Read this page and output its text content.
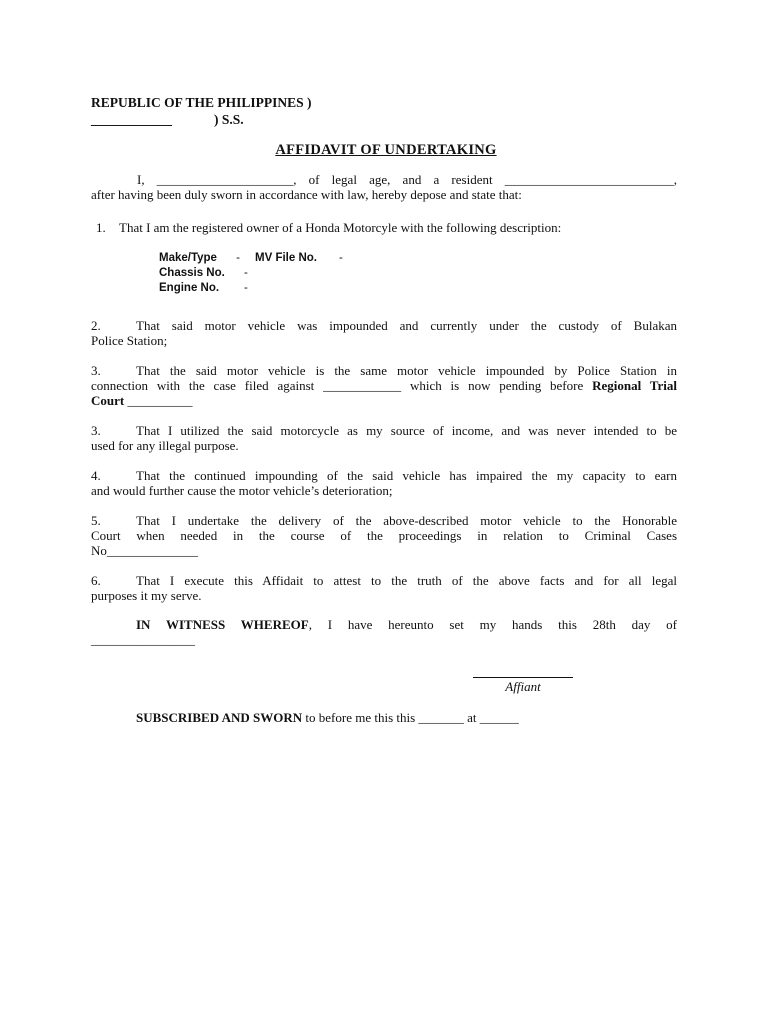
REPUBLIC OF THE PHILIPPINES )
____________	) S.S.
AFFIDAVIT OF UNDERTAKING
I, _____________________, of legal age, and a resident __________________________,
after having been duly sworn in accordance with law, hereby depose and state that:
1. That I am the registered owner of a Honda Motorcyle with the following description:
Make/Type -	MV File No. -
Chassis No.	-
Engine No.	-
2.	That said motor vehicle was impounded and currently under the custody of Bulakan
Police Station;
3.	That the said motor vehicle is the same motor vehicle impounded by Police Station in
connection with the case filed against ____________ which is now pending before Regional Trial
Court __________
3.	That I utilized the said motorcycle as my source of income, and was never intended to be
used for any illegal purpose.
4.	That the continued impounding of the said vehicle has impaired the my capacity to earn
and would further cause the motor vehicle’s deterioration;
5.	That I undertake the delivery of the above-described motor vehicle to the Honorable
Court when needed in the course of the proceedings in relation to Criminal Cases
No______________
6.	That I execute this Affidait to attest to the truth of the above facts and for all legal
purposes it my serve.
IN WITNESS WHEREOF, I have hereunto set my hands this 28th day of
________________
Affiant
SUBSCRIBED AND SWORN to before me this this _______ at ______
